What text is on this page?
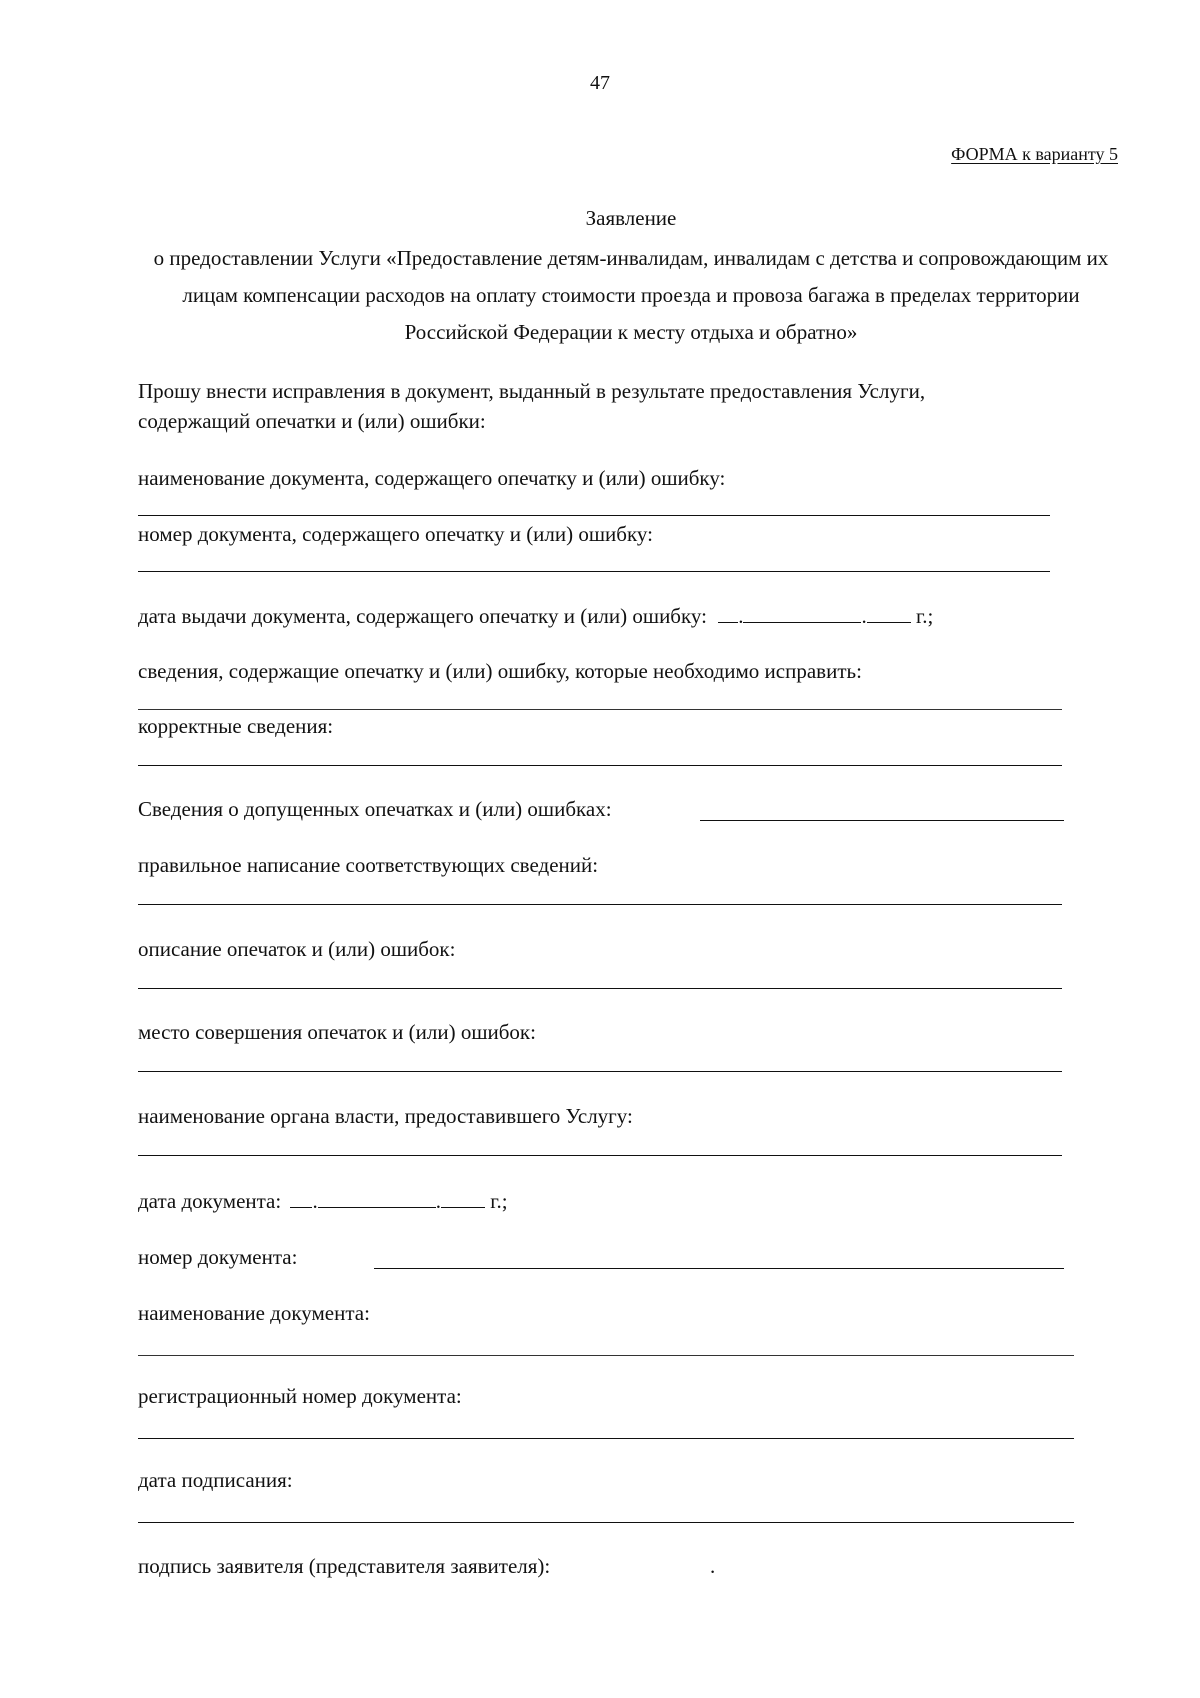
47
ФОРМА к варианту 5
Заявление
о предоставлении Услуги «Предоставление детям-инвалидам, инвалидам с детства и сопровождающим их лицам компенсации расходов на оплату стоимости проезда и провоза багажа в пределах территории Российской Федерации к месту отдыха и обратно»
Прошу внести исправления в документ, выданный в результате предоставления Услуги,
содержащий опечатки и (или) ошибки:
наименование документа, содержащего опечатку и (или) ошибку:
номер документа, содержащего опечатку и (или) ошибку:
дата выдачи документа, содержащего опечатку и (или) ошибку: .	. г.;
сведения, содержащие опечатку и (или) ошибку, которые необходимо исправить:
корректные сведения:
Сведения о допущенных опечатках и (или) ошибках:
правильное написание соответствующих сведений:
описание опечаток и (или) ошибок:
место совершения опечаток и (или) ошибок:
наименование органа власти, предоставившего Услугу:
дата документа: .	. г.;
номер документа:
наименование документа:
регистрационный номер документа:
дата подписания:
подпись заявителя (представителя заявителя):	.
